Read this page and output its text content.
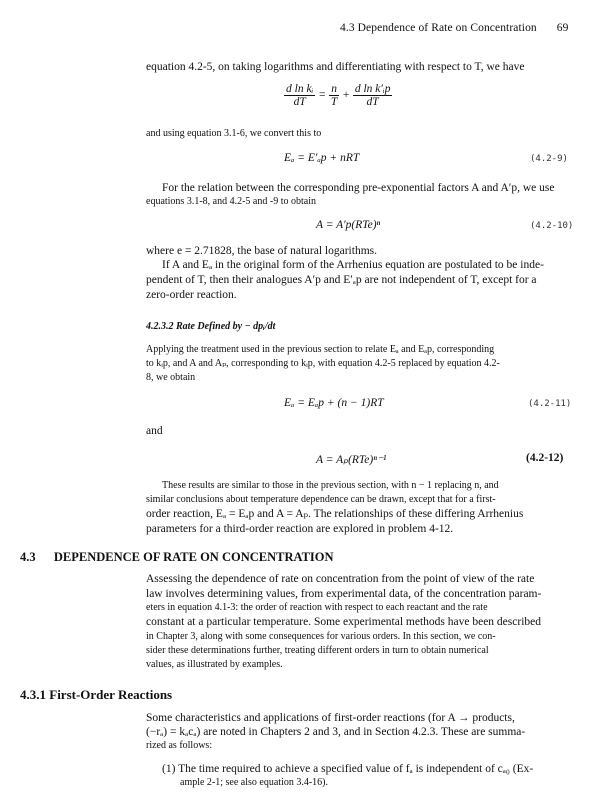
4.3 Dependence of Rate on Concentration 69
equation 4.2-5, on taking logarithms and differentiating with respect to T, we have
$\frac{\text{d ln kᵢ}}{dT} = \frac{n}{T} + \frac{\text{d ln k′ᵢp}}{dT}$
and using equation 3.1-6, we convert this to
Eₐ = E′ₐp + nRT	(4.2-9)
For the relation between the corresponding pre-exponential factors A and A′p, we use
equations 3.1-8, and 4.2-5 and -9 to obtain
A = A′p(RTe)ⁿ	(4.2-10)
where e = 2.71828, the base of natural logarithms.
If A and Eₐ in the original form of the Arrhenius equation are postulated to be inde-
pendent of T, then their analogues A′p and E′ₐp are not independent of T, except for a
zero-order reaction.
4.2.3.2 Rate Defined by − dpᵢ/dt
Applying the treatment used in the previous section to relate Eₐ and Eₐp, corresponding
to kᵢp, and A and Aₚ, corresponding to kᵢp, with equation 4.2-5 replaced by equation 4.2-
8, we obtain
Eₐ = Eₐp + (n − 1)RT	(4.2-11)
and
A = Aₚ(RTe)ⁿ⁻¹	(4.2-12)
These results are similar to those in the previous section, with n − 1 replacing n, and
similar conclusions about temperature dependence can be drawn, except that for a first-
order reaction, Eₐ = Eₐp and A = Aₚ. The relationships of these differing Arrhenius
parameters for a third-order reaction are explored in problem 4-12.
4.3 DEPENDENCE OF RATE ON CONCENTRATION
Assessing the dependence of rate on concentration from the point of view of the rate
law involves determining values, from experimental data, of the concentration param-
eters in equation 4.1-3: the order of reaction with respect to each reactant and the rate
constant at a particular temperature. Some experimental methods have been described
in Chapter 3, along with some consequences for various orders. In this section, we con-
sider these determinations further, treating different orders in turn to obtain numerical
values, as illustrated by examples.
4.3.1 First-Order Reactions
Some characteristics and applications of first-order reactions (for A → products,
(−rₐ) = kₐcₐ) are noted in Chapters 2 and 3, and in Section 4.2.3. These are summa-
rized as follows:
(1) The time required to achieve a specified value of fₐ is independent of cₐ₀ (Ex-
ample 2-1; see also equation 3.4-16).
